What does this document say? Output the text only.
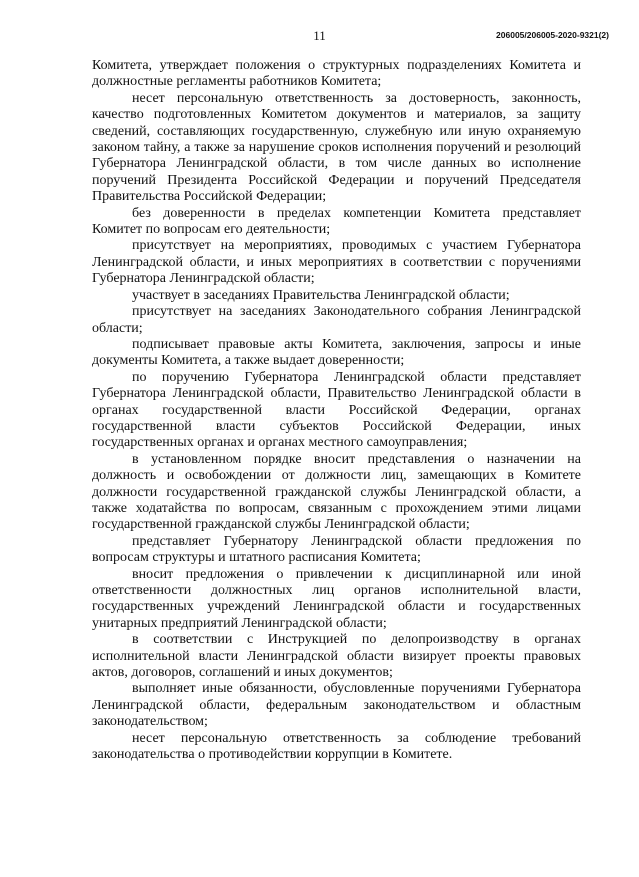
11	206005/206005-2020-9321(2)

Комитета, утверждает положения о структурных подразделениях Комитета и должностные регламенты работников Комитета;

несет персональную ответственность за достоверность, законность, качество подготовленных Комитетом документов и материалов, за защиту сведений, составляющих государственную, служебную или иную охраняемую законом тайну, а также за нарушение сроков исполнения поручений и резолюций Губернатора Ленинградской области, в том числе данных во исполнение поручений Президента Российской Федерации и поручений Председателя Правительства Российской Федерации;

без доверенности в пределах компетенции Комитета представляет Комитет по вопросам его деятельности;

присутствует на мероприятиях, проводимых с участием Губернатора Ленинградской области, и иных мероприятиях в соответствии с поручениями Губернатора Ленинградской области;

участвует в заседаниях Правительства Ленинградской области;

присутствует на заседаниях Законодательного собрания Ленинградской области;

подписывает правовые акты Комитета, заключения, запросы и иные документы Комитета, а также выдает доверенности;

по поручению Губернатора Ленинградской области представляет Губернатора Ленинградской области, Правительство Ленинградской области в органах государственной власти Российской Федерации, органах государственной власти субъектов Российской Федерации, иных государственных органах и органах местного самоуправления;

в установленном порядке вносит представления о назначении на должность и освобождении от должности лиц, замещающих в Комитете должности государственной гражданской службы Ленинградской области, а также ходатайства по вопросам, связанным с прохождением этими лицами государственной гражданской службы Ленинградской области;

представляет Губернатору Ленинградской области предложения по вопросам структуры и штатного расписания Комитета;

вносит предложения о привлечении к дисциплинарной или иной ответственности должностных лиц органов исполнительной власти, государственных учреждений Ленинградской области и государственных унитарных предприятий Ленинградской области;

в соответствии с Инструкцией по делопроизводству в органах исполнительной власти Ленинградской области визирует проекты правовых актов, договоров, соглашений и иных документов;

выполняет иные обязанности, обусловленные поручениями Губернатора Ленинградской области, федеральным законодательством и областным законодательством;

несет персональную ответственность за соблюдение требований законодательства о противодействии коррупции в Комитете.
